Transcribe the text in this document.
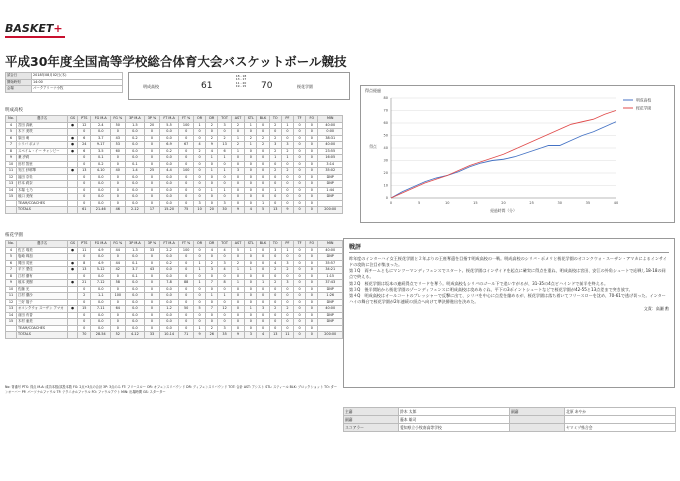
BASKET+
平成30年度全国高等学校総合体育大会バスケットボール競技
試合日	2018年08月02日(木)
開始時刻	14:00
会場	パークアリーナ小牧	明成高校	61
18 - 18
13 - 17
11 - 20
19 - 15	70	桜花学園
明成高校
No.	選手名	GS	PTS	FG M-A	FG %	3P M-A	3P %	FT M-A	FT %	OR	DR	TOT	AST	STL	BLK	TO	PF	TF	FO	MIN
4	宮田 真帆	●	12	2-4	50	1-5	20	5-5	100	1	2	3	2	1	0	2	1	0	0	40:00
5	木下 美咲		0	0-0	0	0-0	0	0-0	0	0	0	0	0	0	0	0	0	0	0	0:00
6	原田 萌	●	6	3-7	43	0-2	0	0-0	0	0	2	2	1	2	2	2	0	0	0	38:31
7	シリバ ポメリ	●	24	9-17	53	0-0	0	6-9	67	4	9	13	2	1	2	3	3	0	0	40:00
8	スペイム・イー チャンピー	●	6	3-5	60	0-0	0	0-2	0	2	4	6	1	0	0	2	2	0	0	23:55
9	兼 汐莉		0	0-1	0	0-0	0	0-0	0	0	1	1	0	0	0	1	1	0	0	16:05
10	田村 智里		0	0-2	0	0-1	0	0-0	0	0	0	0	0	0	0	0	0	0	0	3:14
11	安江 紗耶華	●	13	4-10	40	1-4	25	4-4	100	0	1	1	3	0	0	2	2	0	0	35:02
12	福田 奈央		0	0-0	0	0-0	0	0-0	0	0	0	0	0	0	0	0	0	0	0	DNP
13	杉本 莉奈		0	0-0	0	0-0	0	0-0	0	0	0	0	0	0	0	0	0	0	0	DNP
14	木場 七乃		0	0-0	0	0-0	0	0-0	0	0	1	1	0	0	0	1	0	0	0	1:44
15	坂口 美保		0	0-0	0	0-0	0	0-0	0	0	0	0	0	0	0	0	0	0	0	DNP
	TEAM/COACHES		0	0-0	0	0-0	0	0-0	0	3	0	3	0	0	1	0	0	0	0	
	TOTALS		61	21-46	46	2-12	17	15-20	75	10	20	30	9	4	5	13	9	0	0	200:00
桜花学園
No.	選手名	GS	PTS	FG M-A	FG %	3P M-A	3P %	FT M-A	FT %	OR	DR	TOT	AST	STL	BLK	TO	PF	TF	FO	MIN
4	佐古 瑠美	●	11	4-9	44	1-3	33	2-2	100	0	4	4	5	1	0	3	1	0	0	40:00
5	塩崎 珠加		0	0-0	0	0-0	0	0-0	0	0	0	0	0	0	0	0	0	0	0	DNP
6	岡田 英里	●	8	4-9	44	0-1	0	0-2	0	1	2	3	2	0	0	4	3	0	0	35:57
7	平下 愛佳	●	13	5-12	42	3-7	43	0-0	0	1	3	4	1	1	0	2	2	0	0	34:21
8	江村 優有		0	0-0	0	0-1	0	0-0	0	0	0	0	0	0	0	0	0	0	0	1:15
9	坂本 美樹	●	21	7-12	58	0-0	0	7-8	88	1	7	8	1	0	1	2	3	0	0	37:43
10	佐藤 光		0	0-0	0	0-0	0	0-0	0	0	0	0	0	0	0	0	0	0	0	DNP
11	江村 優沙		2	1-1	100	0-0	0	0-0	0	0	1	1	0	0	0	0	0	0	0	1:26
12	三好 翔子		0	0-0	0	0-0	0	0-0	0	0	0	0	0	0	0	0	0	0	0	DNP
13	オコンクウォ スーザン アマカ	●	15	7-11	64	0-0	0	1-2	50	5	7	12	0	1	3	2	2	0	0	40:00
14	前田 有香		0	0-0	0	0-0	0	0-0	0	0	0	0	0	0	0	0	0	0	0	DNP
15	木村 亜美		0	0-0	0	0-0	0	0-0	0	0	0	0	0	0	0	0	0	0	0	DNP
	TEAM/COACHES		0	0-0	0	0-0	0	0-0	0	1	2	3	0	0	0	0	0	0	0	
	TOTALS		70	28-54	52	4-12	33	10-14	71	9	26	35	9	3	4	13	11	0	0	200:00
No: 背番号 PTS: 得点 M-A: 成功本数/試投本数 FG: 2点+3点の合計 3P: 3点のみ FT: フリースロー OR: オフェンスリバウンド DR: ディフェンスリバウンド TOT: 合計 AST: アシスト STL: スティール BLK: ブロックショット TO: ターンオーバー PF: パーソナルファウル TF: テクニカルファウル FO: ファウルアウト MIN: 出場時間 GS: スターター
得点経過
0
10
20
30
40
50
60
70
80
0	5	10	15	20	25	30	35	40
経過時間（分）
得点
明成高校
桜花学園
戦評

昨年度のインターハイ女王桜花学園と２年ぶりの王座奪還を目指す明成高校の一戦。明成高校のシリバ・ポメリと桜花学園のオコンクウォ・スーザン・アマカによるインサイドの攻防に注目が集まった。

第１Q　両チームともにマンツーマンディフェンスでスタート。桜花学園はインサイドを起点に確実に得点を重ね、明成高校は宮田、安江の外角シュートで応戦し18-18の同点で終える。

第２Q　桜花学園は坂本の連続得点でリードを奪う。明成高校もシリバのゴール下で追いすがるが、31-35の4点ビハインドで前半を終える。

第３Q　後半開始から桜花学園のゾーンディフェンスに明成高校は攻めあぐね、平下の3ポイントシュートなどで桜花学園が42-55と13点差まで突き放す。

第４Q　明成高校はオールコートのプレッシャーで反撃に出て、シリバを中心に点差を縮めるが、桜花学園は落ち着いてフリースローを沈め、70-61で逃げ切った。インターハイの舞台で桜花学園が2年連続の頂点へ向けて準決勝進出を決めた。

文責：高瀬 勲
主審	鈴木 太郎	副審	北原 あやか
副審	藤本 雄司		
スコアラー	愛知県立小牧南高等学校		ヤマミヅ県合会
